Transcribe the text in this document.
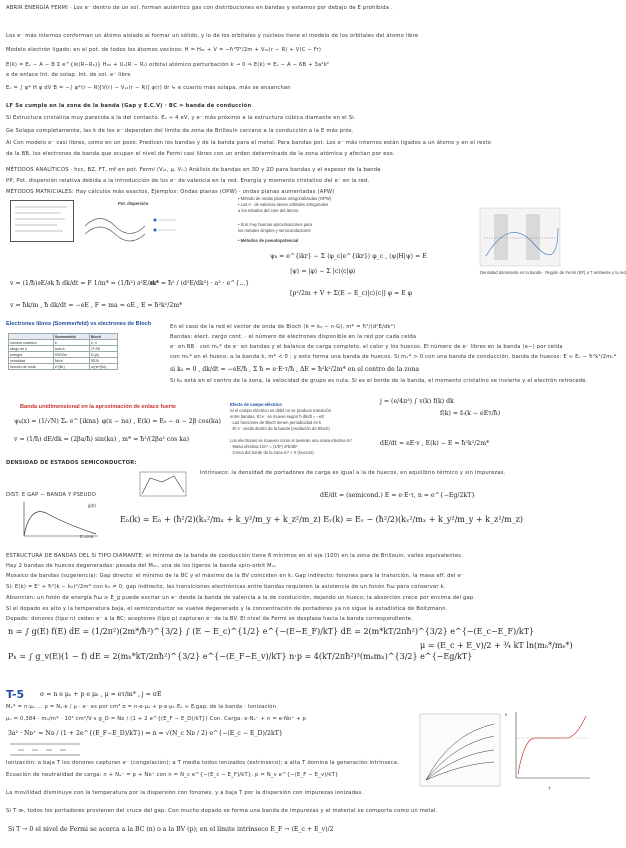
ABRIR ENERGÍA FERMI · Los e⁻ dentro de un sol. forman auténtico gas con distribuciones en bandas y estamos por debajo de E prohibida .
Los e⁻ más internos conforman un átomo aislado al formar un sólido, y lo de los orbitales y núcleos tiene el modelo de los orbitales del átomo libre
Modelo electrón ligado: en el pot. de todos los átomos vecinos: H = H₀ₜ + V = −ħ²∇²/2m + V₀ₜ(r − R) + V(C − Fr)
E(k) = Eₛ − A − B Σ e^{ik(R−R₀)} H₀₀ + Uₛ(R − Rᵢ) orbital atómico perturbación k → 0 ⇒ E(k) = Eₛ − A − 6B + 3a²k²
e de enlace Int. de solap. Int. de sol. e⁻ libre
Eₛ = ∫ φ* H φ dV B = −∫ φ*(r − R)[V(r) − Vₐₜ(r − R)] φ(r) dr ↳ e cuanto más solapa, más se ensanchan
LF Se cumple en la zona de la banda (Gap y E.C.V) · BC = banda de conducción
Si Estructura cristalina muy parecida a la del contacto. Eₛ ≈ 4 eV, y e⁻ más próximo a la estructura cúbica diamante en el Si.
Ge Solapa completamente, las k de los e⁻ dependen del límite de zona de Brillouin cercano a la conducción a la E más próx.
Al Con modelo e⁻ casi libres, como en un pozo. Predicen los bandas y de la banda para el metal. Para bandas pot. Los e⁻ más internos están ligados a un átomo y en el resto
de la BB, los electrones de banda que ocupan el nivel de Fermi casi libres con un orden determinado de la zona atómica y afectan por eso.
MÉTODOS ANALÍTICOS · hcc, BZ, FT, mf en pot. Fermi (Vₐₜ, μ, Vₘ) Análisis de bandas en 3D y 2D para bandas y el espesor de la banda
PP, Pot. dispersión relativa debida a la introducción de los e⁻ de valencia en la red. Energía y momento cristalino del e⁻ en la red.
MÉTODOS MATRICIALES: Hay cálculos más exactos, Ejemplos: Ondas planas (OPW) · ondas planas aumentadas (APW)
Pot. dispersión
• Método de ondas planas ortogonalizadas (OPW)
• Los e⁻ de valencia tienen orbitales ortogonales
a los estados del core del átomo
• Son muy buenas aproximaciones para
los metales simples y semiconductores
• Métodos de pseudopotencial
ψₖ = e^{ikr} − Σ ⟨φ_c|e^{ikr}⟩ φ_c , ⟨ψ|H|ψ⟩ ≈ E
|ψ⟩ = |φ⟩ − Σ |c⟩⟨c|φ⟩
[p²/2m + V + Σ(E − E_c)|c⟩⟨c|] φ = E φ
Densidad dominante en la banda · Región de Fermi (EF) a T ambiente y la red
v = (1/ħ)∂E/∂k ħ dk/dt = F 1/m* = (1/ħ²) ∂²E/∂k²
m* = ħ² / (d²E/dk²) · a² · e^{...}
v = ħk/m , ħ dk/dt = −eE , F = ma = eE , E = ħ²k²/2m*
Electrones libres (Sommerfeld) vs electrones de Bloch
	Sommerfeld	Bloch
número cuántico	k	k, n
rango de k	todo k	1ª ZB
energía	ħ²k²/2m	Eₙ(k)
velocidad	ħk/m	∇E/ħ
función de onda	e^{ikr}	u(r)e^{ikr}
En el caso de la red el vector de onda de Bloch (k = k₀ − n·G), m* = ħ²/(d²E/dk²)
Bandas: elect. cargo cont. · el número de electrones disponible en la red por cada celda
e⁻ en BB · con mₑ* de e⁻ en bandas y el balance de carga completo, el calor y los huecos. El número de e⁻ libres en la banda (e−) por celda
con mₕ* en el hueco: a la banda k, m* < 0 ; y esto forma una banda de huecos. Si mₑ* > 0 con una banda de conducción, banda de huecos: E ≈ Eᵥ − ħ²k²/2mₕ*
si k₀ = 0 , dk/dt = −eE/ħ , Σ ħ = e·E·τ/ħ , ΔE = ħ²k²/2m* en el centro de la zona
Si k₀ está en el centro de la zona, la velocidad de grupo es nula. Si es el borde de la banda, el momento cristalino se invierte y el electrón retrocede.
Banda unidimensional en la aproximación de enlace fuerte
ψₖ(x) = (1/√N) Σₙ e^{ikna} φ(x − na) , E(k) = E₀ − α − 2β cos(ka)
v = (1/ħ) dE/dk = (2βa/ħ) sin(ka) , m* = ħ²/(2βa² cos ka)
Efecto de campo eléctrico
Si el campo eléctrico es débil no se produce transición
entre bandas. El e⁻ se mueve según ħ dk/dt = −eE
· Las funciones de Bloch tienen periodicidad en k
· El e⁻ oscila dentro de la banda (oscilación de Bloch)
Los electrones se mueven como si tuvieran una masa efectiva m*
· Masa efectiva 1/m* = (1/ħ²) d²E/dk²
· Cerca del borde de la zona m* < 0 (huecos)
j = (e/4π³) ∫ v(k) f(k) dk
dE/dt = eE·v , E(k) − E = ħ²k²/2m*
f(k) = f₀(k − eEτ/ħ)
DENSIDAD DE ESTADOS SEMICONDUCTOR:
Intrínseco: la densidad de portadores de carga es igual a la de huecos, en equilibrio térmico y sin impurezas.
DIST. E GAP − BANDA Y PSEUDO
g(E)
E cond
Eₙ(k) = Eₙ + (ħ²/2)(kₓ²/mₓ + k_y²/m_y + k_z²/m_z) Eᵥ(k) = Eᵥ − (ħ²/2)(kₓ²/mₓ + k_y²/m_y + k_z²/m_z)
dE/dt = (semicond.) E = e·E·τ, n = e^{−Eg/2kT}
ESTRUCTURA DE BANDAS DEL Si TIPO DIAMANTE: el mínimo de la banda de conducción tiene 6 mínimos en el eje (100) en la zona de Brillouin, valles equivalentes.
Hay 2 bandas de huecos degeneradas: pesada del Mₕₕ, una de los ligeros la banda spin-orbit Mₛₒ
Mosaico de bandas (sugerencia): Gap directo: el mínimo de la BC y el máximo de la BV coinciden en k. Gap indirecto: fonones para la transición, la masa eff. del e⁻
Si: E(k) = Eᶜ + ħ²(k − k₀)²/2m* con k₀ ≠ 0: gap indirecto, las transiciones electrónicas entre bandas requieren la asistencia de un fonón ħω para conservar k.
Absorción: un fotón de energía ħω ≥ E_g puede excitar un e⁻ desde la banda de valencia a la de conducción, dejando un hueco; la absorción crece por encima del gap.
Si el dopado es alto y la temperatura baja, el semiconductor se vuelve degenerado y la concentración de portadores ya no sigue la estadística de Boltzmann.
Dopado: donores (tipo n) ceden e⁻ a la BC; aceptores (tipo p) capturan e⁻ de la BV. El nivel de Fermi se desplaza hacia la banda correspondiente.
n = ∫ g(E) f(E) dE = (1/2π²)(2m*/ħ²)^{3/2} ∫ (E − E_c)^{1/2} e^{−(E−E_F)/kT} dE = 2(m*kT/2πħ²)^{3/2} e^{−(E_c−E_F)/kT}
Pₕ = ∫ g_v(E)(1 − f) dE = 2(mₕ*kT/2πħ²)^{3/2} e^{−(E_F−E_v)/kT} n·p = 4(kT/2πħ²)³(mₑmₕ)^{3/2} e^{−Eg/kT}
μ = (E_c + E_v)/2 + ¾ kT ln(mₕ*/mₑ*)
T-5	σ = n e μₑ + p e μₕ , μ = eτ/m* , j = σE
Mₑ* = n·μₑ ... ρ = Nₐ·e / μ · e⁻ es por cm³ σ = n·e·μₑ + p·e·μₕ E₀ ≈ E₍gap₎ de la banda · Ionización
μₙ = 0,384 · m₀/m* · 10³ cm²/V·s g_D = Nᴅ / (1 + 2 e^{(E_F − E_D)/kT}) Con. Carga: e·Nₐ⁻ + n = e·Nᴅ⁺ + p
3a² · Nᴅ⁺ = Nᴅ / (1 + 2e^{(E_F−E_D)/kT}) ⇒ n ≈ √(N_c Nᴅ / 2) e^{−(E_c − E_D)/2kT}
Ionización: a baja T los donores capturan e⁻ (congelación); a T media todos ionizados (extrínseco); a alta T domina la generación intrínseca.
Ecuación de neutralidad de carga: n + Nₐ⁻ = p + Nᴅ⁺ con n = N_c e^{−(E_c − E_F)/kT}, p = N_v e^{−(E_F − E_v)/kT}
La movilidad disminuye con la temperatura por la dispersión con fonones, y a baja T por la dispersión con impurezas ionizadas.
Si T ≫, todos los portadores provienen del cruce del gap. Con mucho dopado se forma una banda de impurezas y el material se comporta como un metal.
Si T → 0 el nivel de Fermi se acerca a la BC (n) o a la BV (p); en el límite intrínseco E_F → (E_c + E_v)/2
T
n
